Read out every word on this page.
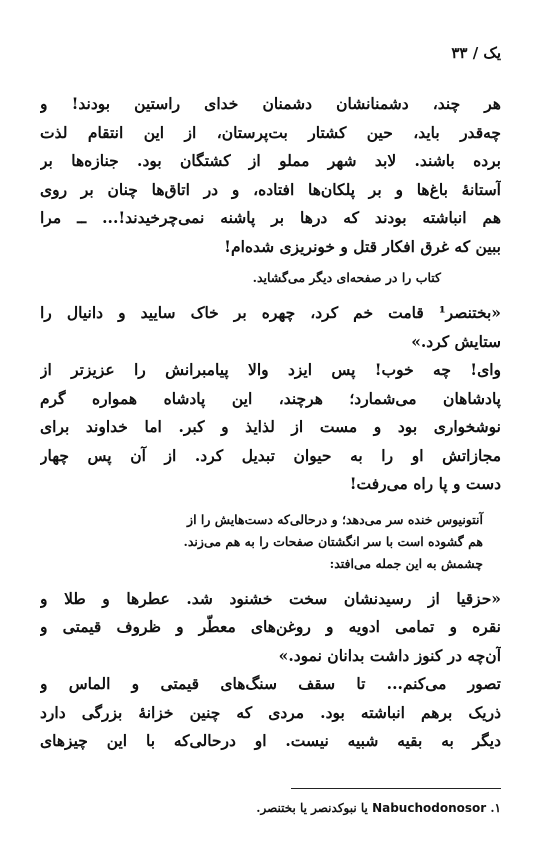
یک / ۳۳
هر چند، دشمنانشان دشمنان خدای راستین بودند! و
چه‌قدر باید، حین کشتار بت‌پرستان، از این انتقام لذت
برده باشند. لابد شهر مملو از کشتگان بود. جنازه‌ها بر
آستانهٔ باغ‌ها و بر پلکان‌ها افتاده، و در اتاق‌ها چنان بر روی
هم انباشته بودند که درها بر پاشنه نمی‌چرخیدند!... ــ مرا
ببین که غرق افکار قتل و خونریزی شده‌ام!
کتاب را در صفحه‌ای دیگر می‌گشاید.
«بختنصر¹ قامت خم کرد، چهره بر خاک سایید و دانیال را
ستایش کرد.»
وای! چه خوب! پس ایزد والا پیامبرانش را عزیزتر از
پادشاهان می‌شمارد؛ هرچند، این پادشاه همواره گرم
نوشخواری بود و مست از لذایذ و کبر. اما خداوند برای
مجازاتش او را به حیوان تبدیل کرد. از آن پس چهار
دست و پا راه می‌رفت!
آنتونیوس خنده سر می‌دهد؛ و درحالی‌که دست‌هایش را از
هم گشوده است با سر انگشتان صفحات را به هم می‌زند.
چشمش به این جمله می‌افتد:
«حزقیا از رسیدنشان سخت خشنود شد. عطرها و طلا و
نقره و تمامی ادویه و روغن‌های معطّر و ظروف قیمتی و
آن‌چه در کنوز داشت بدانان نمود.»
تصور می‌کنم... تا سقف سنگ‌های قیمتی و الماس و
ذریک برهم انباشته بود. مردی که چنین خزانهٔ بزرگی دارد
دیگر به بقیه شبیه نیست. او درحالی‌که با این چیزهای
۱. Nabuchodonosor یا نبوکدنصر یا بختنصر.
